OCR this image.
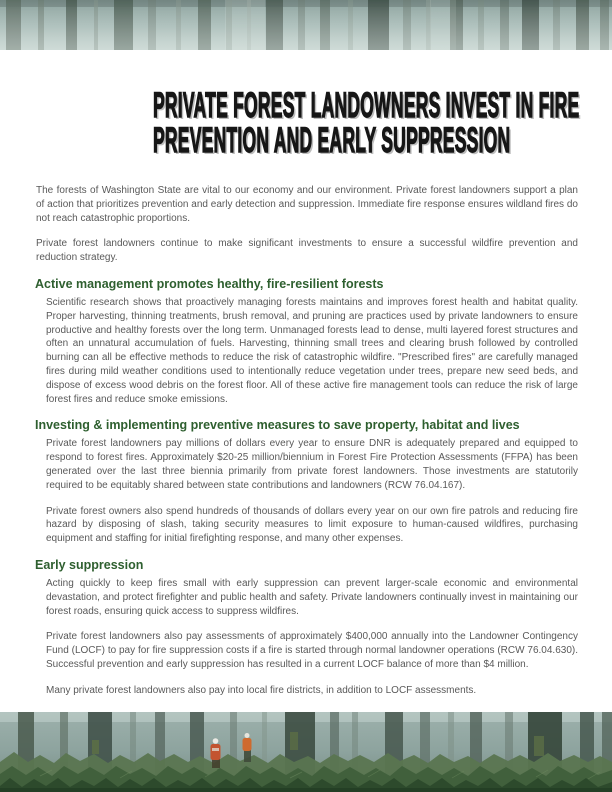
PRIVATE FOREST LANDOWNERS INVEST IN FIRE
PREVENTION AND EARLY SUPPRESSION

The forests of Washington State are vital to our economy and our environment. Private forest landowners support a plan of action that prioritizes prevention and early detection and suppression. Immediate fire response ensures wildland fires do not reach catastrophic proportions.

Private forest landowners continue to make significant investments to ensure a successful wildfire prevention and reduction strategy.

Active management promotes healthy, fire-resilient forests

Scientific research shows that proactively managing forests maintains and improves forest health and habitat quality. Proper harvesting, thinning treatments, brush removal, and pruning are practices used by private landowners to ensure productive and healthy forests over the long term. Unmanaged forests lead to dense, multi layered forest structures and often an unnatural accumulation of fuels. Harvesting, thinning small trees and clearing brush followed by controlled burning can all be effective methods to reduce the risk of catastrophic wildfire. "Prescribed fires" are carefully managed fires during mild weather conditions used to intentionally reduce vegetation under trees, prepare new seed beds, and dispose of excess wood debris on the forest floor. All of these active fire management tools can reduce the risk of large forest fires and reduce smoke emissions.

Investing & implementing preventive measures to save property, habitat and lives

Private forest landowners pay millions of dollars every year to ensure DNR is adequately prepared and equipped to respond to forest fires. Approximately $20-25 million/biennium in Forest Fire Protection Assessments (FFPA) has been generated over the last three biennia primarily from private forest landowners. Those investments are statutorily required to be equitably shared between state contributions and landowners (RCW 76.04.167).

Private forest owners also spend hundreds of thousands of dollars every year on our own fire patrols and reducing fire hazard by disposing of slash, taking security measures to limit exposure to human-caused wildfires, purchasing equipment and staffing for initial firefighting response, and many other expenses.

Early suppression

Acting quickly to keep fires small with early suppression can prevent larger-scale economic and environmental devastation, and protect firefighter and public health and safety. Private landowners continually invest in maintaining our forest roads, ensuring quick access to suppress wildfires.

Private forest landowners also pay assessments of approximately $400,000 annually into the Landowner Contingency Fund (LOCF) to pay for fire suppression costs if a fire is started through normal landowner operations (RCW 76.04.630). Successful prevention and early suppression has resulted in a current LOCF balance of more than $4 million.

Many private forest landowners also pay into local fire districts, in addition to LOCF assessments.
